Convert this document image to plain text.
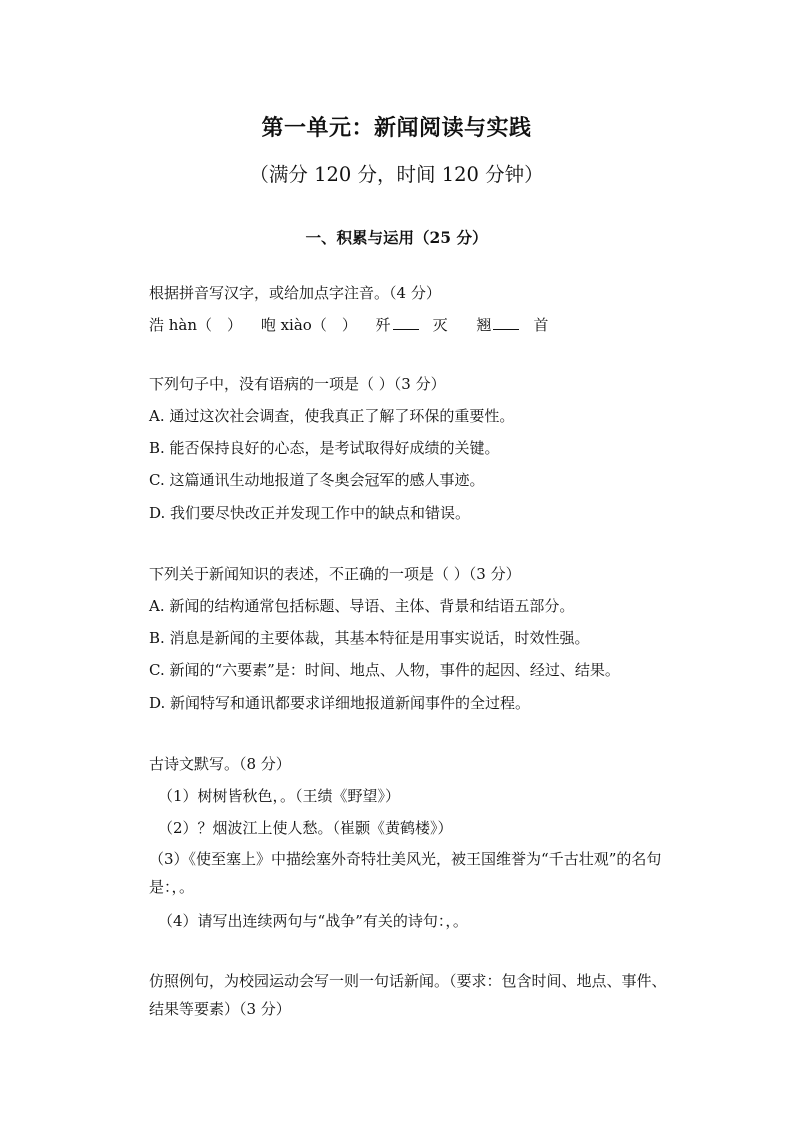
第一单元：新闻阅读与实践
（满分 120 分，时间 120 分钟）
一、积累与运用（25 分）
根据拼音写汉字，或给加点字注音。（4 分）
浩 hàn（　） 咆 xiào（　） 歼	灭 翘	首
下列句子中，没有语病的一项是（ ）（3 分）
A. 通过这次社会调查，使我真正了解了环保的重要性。
B. 能否保持良好的心态，是考试取得好成绩的关键。
C. 这篇通讯生动地报道了冬奥会冠军的感人事迹。
D. 我们要尽快改正并发现工作中的缺点和错误。
下列关于新闻知识的表述，不正确的一项是（ ）（3 分）
A. 新闻的结构通常包括标题、导语、主体、背景和结语五部分。
B. 消息是新闻的主要体裁，其基本特征是用事实说话，时效性强。
C. 新闻的“六要素”是：时间、地点、人物，事件的起因、经过、结果。
D. 新闻特写和通讯都要求详细地报道新闻事件的全过程。
古诗文默写。（8 分）
（1）树树皆秋色，。（王绩《野望》）
（2）？烟波江上使人愁。（崔颢《黄鹤楼》）
（3）《使至塞上》中描绘塞外奇特壮美风光，被王国维誉为“千古壮观”的名句是：，。
（4）请写出连续两句与“战争”有关的诗句：，。
仿照例句，为校园运动会写一则一句话新闻。（要求：包含时间、地点、事件、结果等要素）（3 分）
